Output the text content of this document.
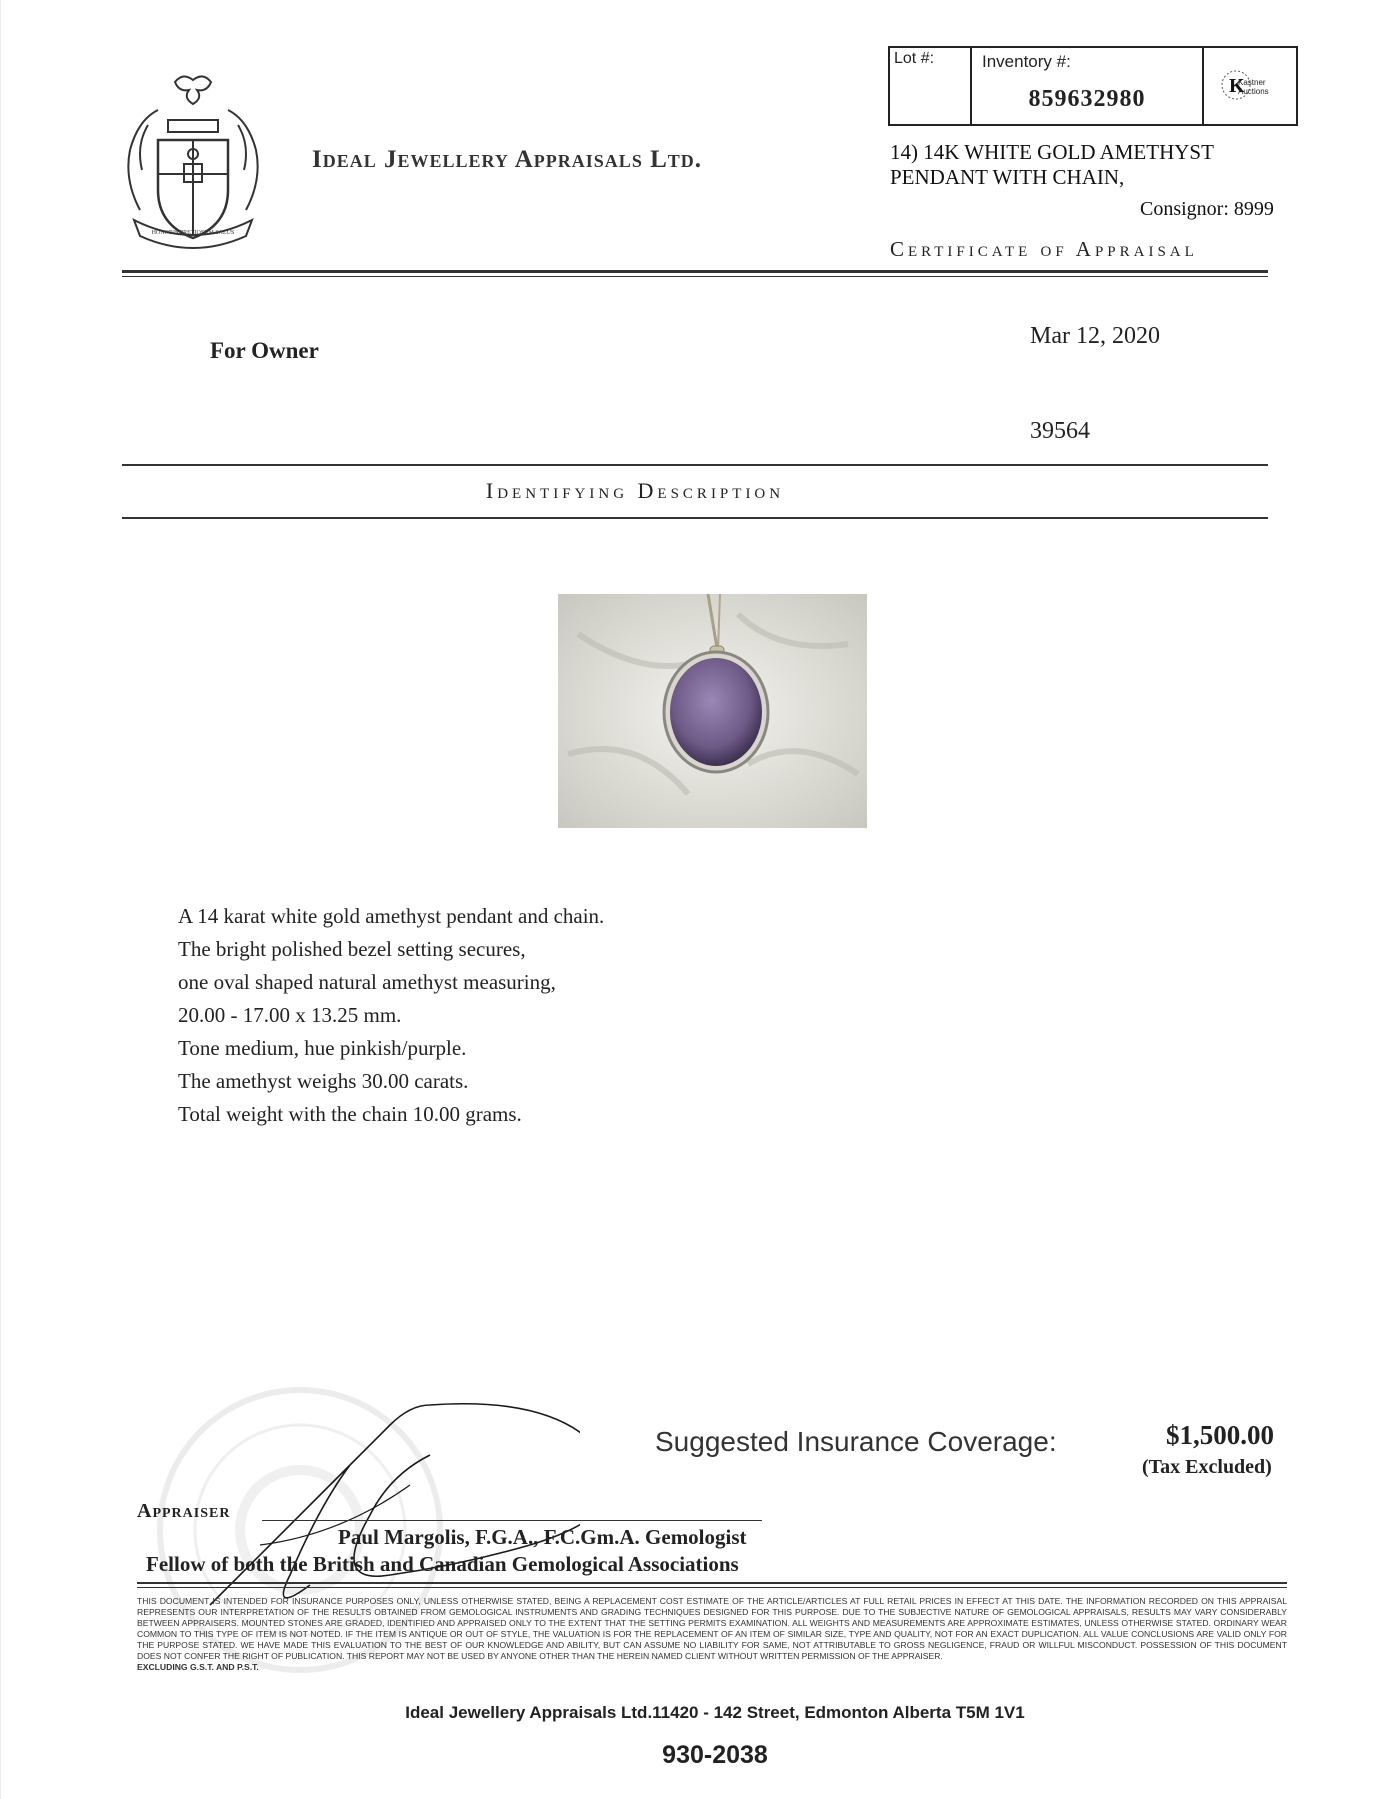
HONORIS PRETIOSUM SALUS
Ideal Jewellery Appraisals Ltd.
Lot #:	Inventory #:
859632980	K
Kastner Auctions
14) 14K WHITE GOLD AMETHYST
PENDANT WITH CHAIN,
Consignor: 8999
Certificate of Appraisal
For Owner
Mar 12, 2020
39564
Identifying Description
A 14 karat white gold amethyst pendant and chain.
The bright polished bezel setting secures,
one oval shaped natural amethyst measuring,
20.00 - 17.00 x 13.25 mm.
Tone medium, hue pinkish/purple.
The amethyst weighs 30.00 carats.
Total weight with the chain 10.00 grams.
Suggested Insurance Coverage:	$1,500.00
(Tax Excluded)
Appraiser
Paul Margolis, F.G.A., F.C.Gm.A. Gemologist
Fellow of both the British and Canadian Gemological Associations
THIS DOCUMENT IS INTENDED FOR INSURANCE PURPOSES ONLY, UNLESS OTHERWISE STATED, BEING A REPLACEMENT COST ESTIMATE OF THE ARTICLE/ARTICLES AT FULL RETAIL PRICES IN EFFECT AT THIS DATE. THE INFORMATION RECORDED ON THIS APPRAISAL REPRESENTS OUR INTERPRETATION OF THE RESULTS OBTAINED FROM GEMOLOGICAL INSTRUMENTS AND GRADING TECHNIQUES DESIGNED FOR THIS PURPOSE. DUE TO THE SUBJECTIVE NATURE OF GEMOLOGICAL APPRAISALS, RESULTS MAY VARY CONSIDERABLY BETWEEN APPRAISERS. MOUNTED STONES ARE GRADED, IDENTIFIED AND APPRAISED ONLY TO THE EXTENT THAT THE SETTING PERMITS EXAMINATION. ALL WEIGHTS AND MEASUREMENTS ARE APPROXIMATE ESTIMATES, UNLESS OTHERWISE STATED. ORDINARY WEAR COMMON TO THIS TYPE OF ITEM IS NOT NOTED. IF THE ITEM IS ANTIQUE OR OUT OF STYLE, THE VALUATION IS FOR THE REPLACEMENT OF AN ITEM OF SIMILAR SIZE, TYPE AND QUALITY, NOT FOR AN EXACT DUPLICATION. ALL VALUE CONCLUSIONS ARE VALID ONLY FOR THE PURPOSE STATED. WE HAVE MADE THIS EVALUATION TO THE BEST OF OUR KNOWLEDGE AND ABILITY, BUT CAN ASSUME NO LIABILITY FOR SAME, NOT ATTRIBUTABLE TO GROSS NEGLIGENCE, FRAUD OR WILLFUL MISCONDUCT. POSSESSION OF THIS DOCUMENT DOES NOT CONFER THE RIGHT OF PUBLICATION. THIS REPORT MAY NOT BE USED BY ANYONE OTHER THAN THE HEREIN NAMED CLIENT WITHOUT WRITTEN PERMISSION OF THE APPRAISER.
EXCLUDING G.S.T. AND P.S.T.
Ideal Jewellery Appraisals Ltd.11420 - 142 Street, Edmonton Alberta T5M 1V1
930-2038
